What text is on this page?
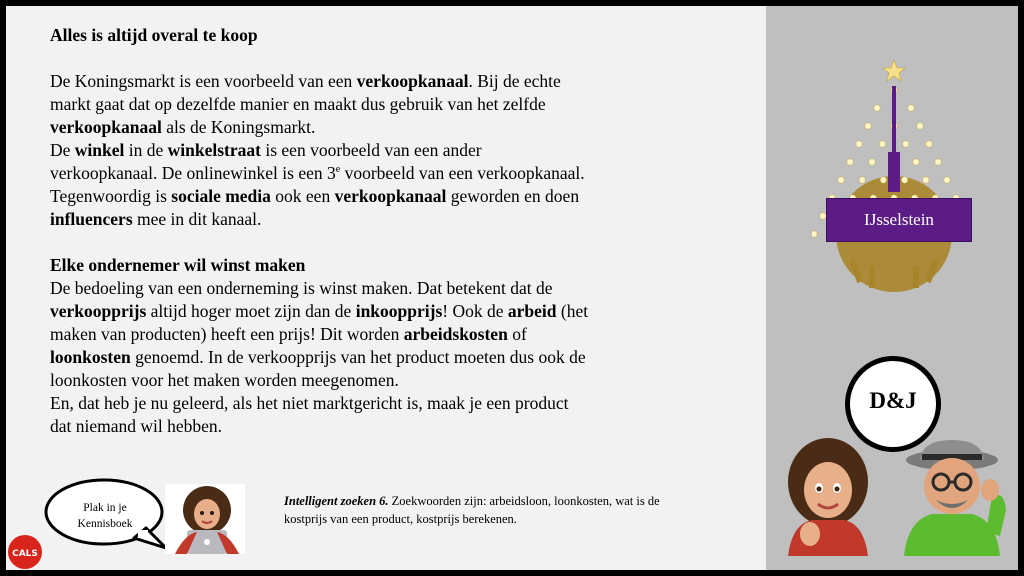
Alles is altijd overal te koop

De Koningsmarkt is een voorbeeld van een verkoopkanaal. Bij de echte markt gaat dat op dezelfde manier en maakt dus gebruik van het zelfde verkoopkanaal als de Koningsmarkt.

De winkel in de winkelstraat is een voorbeeld van een ander verkoopkanaal. De onlinewinkel is een 3e voorbeeld van een verkoopkanaal. Tegenwoordig is sociale media ook een verkoopkanaal geworden en doen influencers mee in dit kanaal.

Elke ondernemer wil winst maken

De bedoeling van een onderneming is winst maken. Dat betekent dat de verkoopprijs altijd hoger moet zijn dan de inkoopprijs! Ook de arbeid (het maken van producten) heeft een prijs! Dit worden arbeidskosten of loonkosten genoemd. In de verkoopprijs van het product moeten dus ook de loonkosten voor het maken worden meegenomen.

En, dat heb je nu geleerd, als het niet marktgericht is, maak je een product dat niemand wil hebben.

Plak in je Kennisboek
Intelligent zoeken 6. Zoekwoorden zijn: arbeidsloon, loonkosten, wat is de kostprijs van een product, kostprijs berekenen.
CALS
IJsselstein
D&J
